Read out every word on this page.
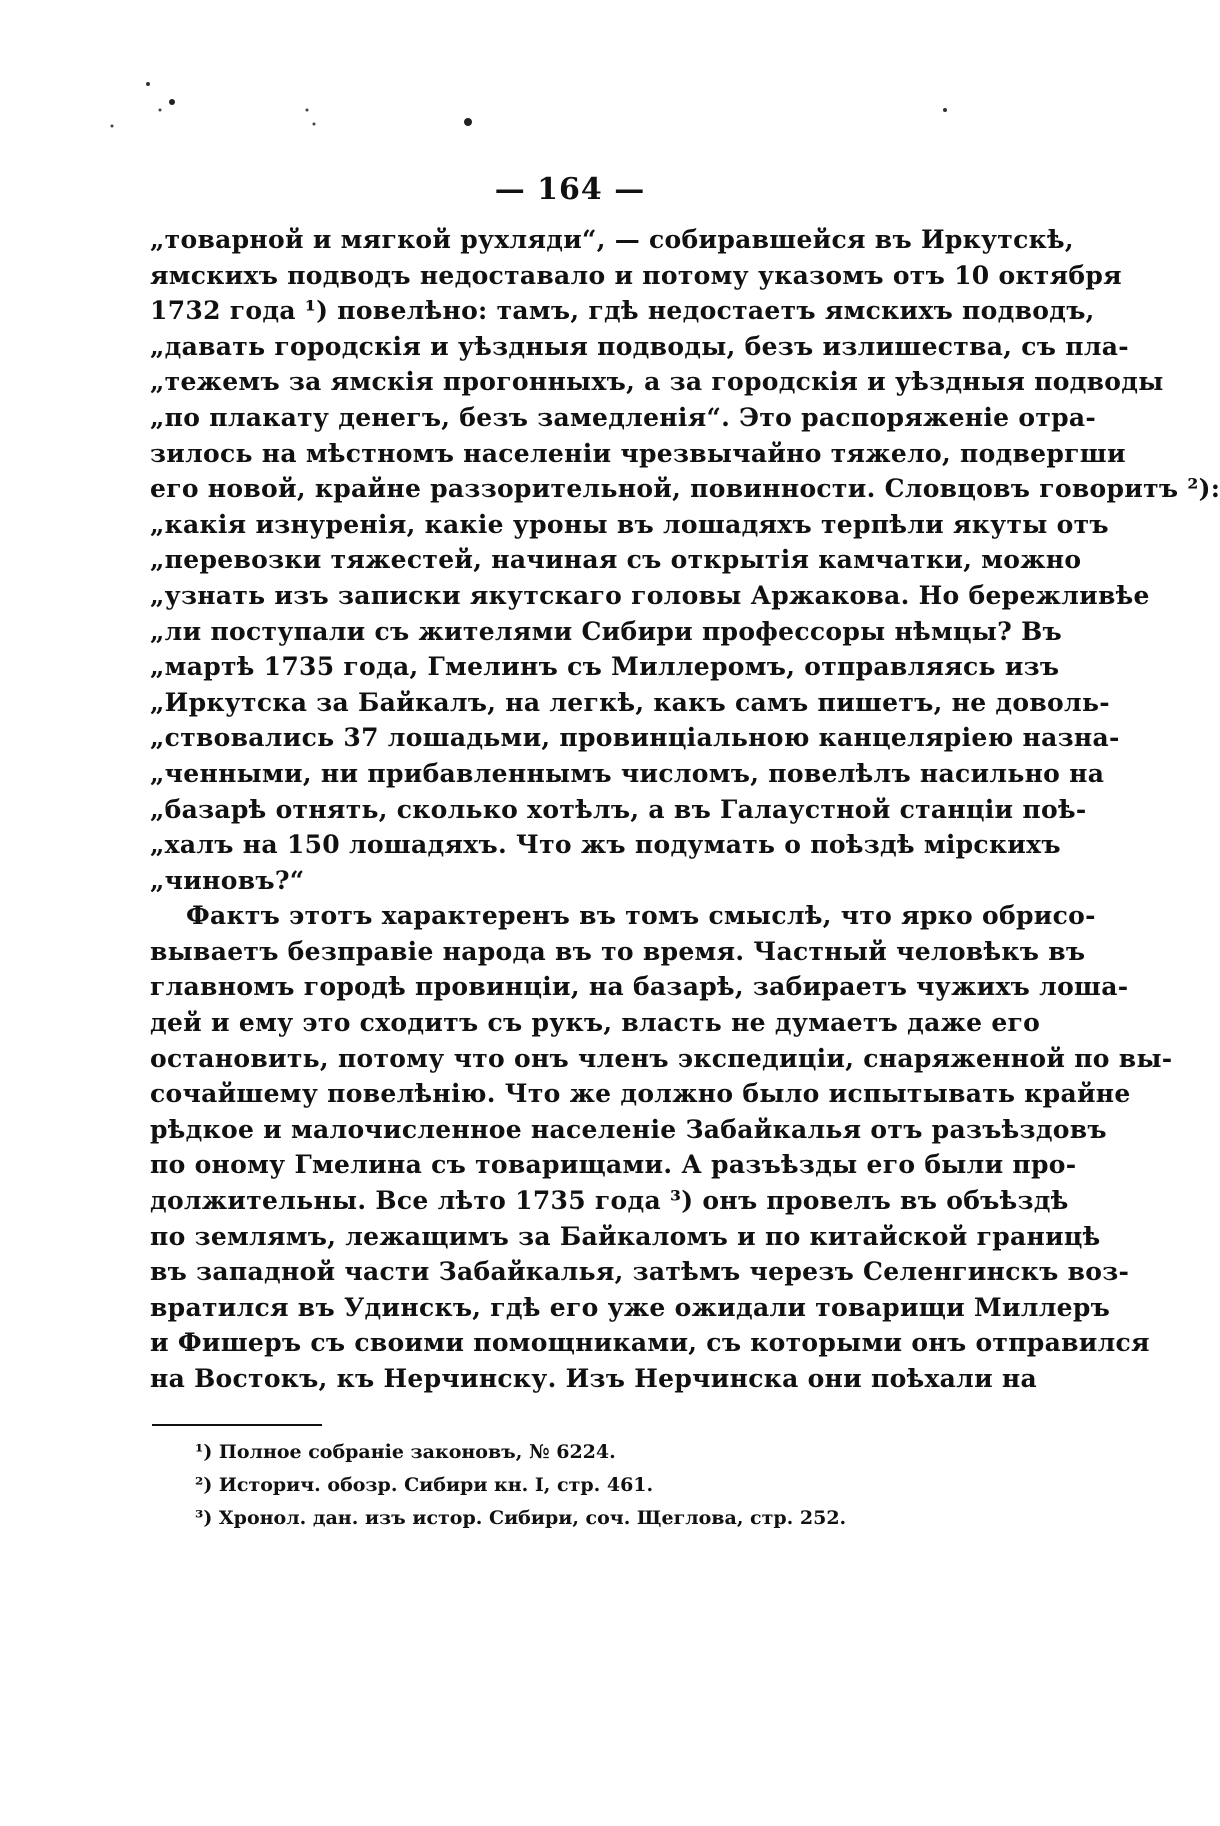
— 164 —
„товарной и мягкой рухляди“, — собиравшейся въ Иркутскѣ,
ямскихъ подводъ недоставало и потому указомъ отъ 10 октября
1732 года ¹) повелѣно: тамъ, гдѣ недостаетъ ямскихъ подводъ,
„давать городскія и уѣздныя подводы, безъ излишества, съ пла-
„тежемъ за ямскія прогонныхъ, а за городскія и уѣздныя подводы
„по плакату денегъ, безъ замедленія“. Это распоряженіе отра-
зилось на мѣстномъ населеніи чрезвычайно тяжело, подвергши
его новой, крайне раззорительной, повинности. Словцовъ говоритъ ²):
„какія изнуренія, какіе уроны въ лошадяхъ терпѣли якуты отъ
„перевозки тяжестей, начиная съ открытія камчатки, можно
„узнать изъ записки якутскаго головы Аржакова. Но бережливѣе
„ли поступали съ жителями Сибири профессоры нѣмцы? Въ
„мартѣ 1735 года, Гмелинъ съ Миллеромъ, отправляясь изъ
„Иркутска за Байкалъ, на легкѣ, какъ самъ пишетъ, не доволь-
„ствовались 37 лошадьми, провинціальною канцеляріею назна-
„ченными, ни прибавленнымъ числомъ, повелѣлъ насильно на
„базарѣ отнять, сколько хотѣлъ, а въ Галаустной станціи поѣ-
„халъ на 150 лошадяхъ. Что жъ подумать о поѣздѣ мірскихъ
„чиновъ?“
Фактъ этотъ характеренъ въ томъ смыслѣ, что ярко обрисо-
вываетъ безправіе народа въ то время. Частный человѣкъ въ
главномъ городѣ провинціи, на базарѣ, забираетъ чужихъ лоша-
дей и ему это сходитъ съ рукъ, власть не думаетъ даже его
остановить, потому что онъ членъ экспедиціи, снаряженной по вы-
сочайшему повелѣнію. Что же должно было испытывать крайне
рѣдкое и малочисленное населеніе Забайкалья отъ разъѣздовъ
по оному Гмелина съ товарищами. А разъѣзды его были про-
должительны. Все лѣто 1735 года ³) онъ провелъ въ объѣздѣ
по землямъ, лежащимъ за Байкаломъ и по китайской границѣ
въ западной части Забайкалья, затѣмъ черезъ Селенгинскъ воз-
вратился въ Удинскъ, гдѣ его уже ожидали товарищи Миллеръ
и Фишеръ съ своими помощниками, съ которыми онъ отправился
на Востокъ, къ Нерчинску. Изъ Нерчинска они поѣхали на
¹) Полное собраніе законовъ, № 6224.
²) Историч. обозр. Сибири кн. I, стр. 461.
³) Хронол. дан. изъ истор. Сибири, соч. Щеглова, стр. 252.
